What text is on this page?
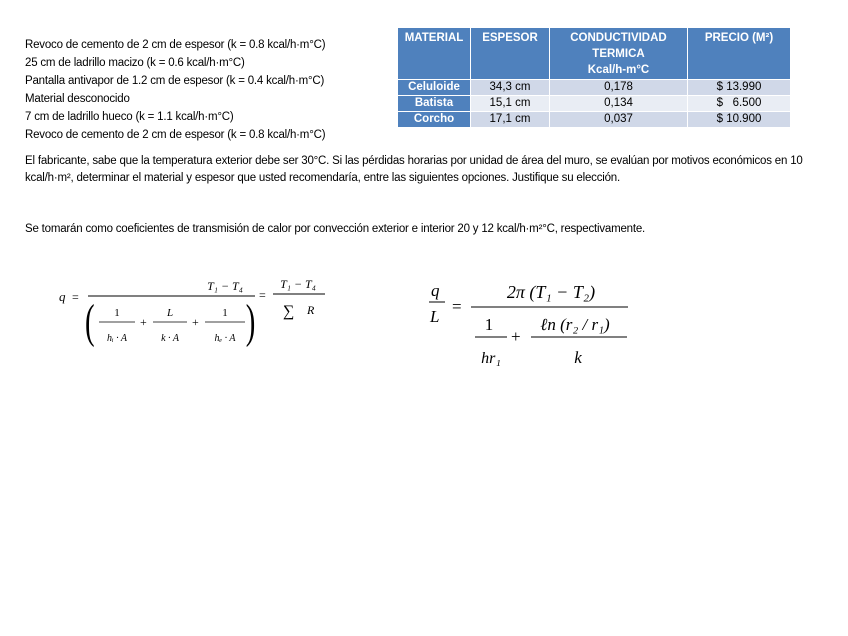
Revoco de cemento de 2 cm de espesor (k = 0.8 kcal/h·m°C)
25 cm de ladrillo macizo (k = 0.6 kcal/h·m°C)
Pantalla antivapor de 1.2 cm de espesor (k = 0.4 kcal/h·m°C)
Material desconocido
7 cm de ladrillo hueco (k = 1.1 kcal/h·m°C)
Revoco de cemento de 2 cm de espesor (k = 0.8 kcal/h·m°C)
MATERIAL	ESPESOR	CONDUCTIVIDAD
TERMICA
Kcal/h-m°C	PRECIO (M²)
Celuloide	34,3 cm	0,178	$ 13.990
Batista	15,1 cm	0,134	$   6.500
Corcho	17,1 cm	0,037	$ 10.900
El fabricante, sabe que la temperatura exterior debe ser 30°C. Si las pérdidas horarias por unidad de área del muro, se evalúan por motivos económicos en 10 kcal/h·m², determinar el material y espesor que usted recomendaría, entre las siguientes opciones. Justifique su elección.
Se tomarán como coeficientes de transmisión de calor por convección exterior e interior 20 y 12 kcal/h·m²°C, respectivamente.
q =
T₁ − T₄
( 1
hᵢ · A
+
L
k · A
+
1
hₑ · A ) =
T₁ − T₄
∑ R
q
L
=
2π (T₁ − T₂)
1
hr₁
+
ℓn (r₂ / r₁)
k
